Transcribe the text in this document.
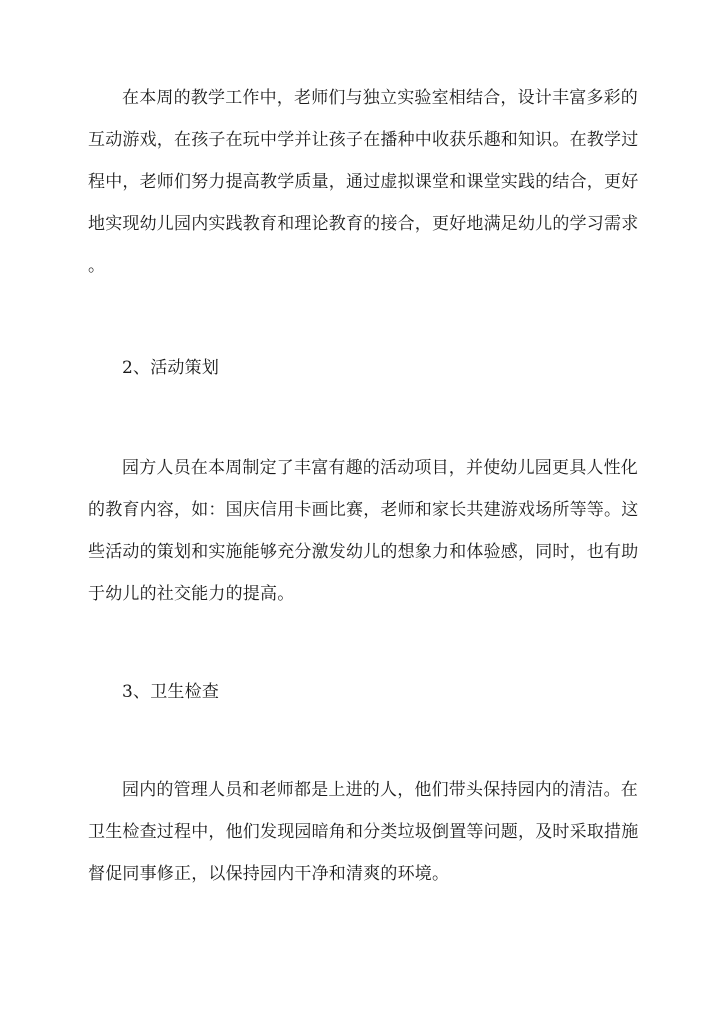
在本周的教学工作中，老师们与独立实验室相结合，设计丰富多彩的
互动游戏，在孩子在玩中学并让孩子在播种中收获乐趣和知识。在教学过
程中，老师们努力提高教学质量，通过虚拟课堂和课堂实践的结合，更好
地实现幼儿园内实践教育和理论教育的接合，更好地满足幼儿的学习需求
。
2、活动策划
园方人员在本周制定了丰富有趣的活动项目，并使幼儿园更具人性化
的教育内容，如：国庆信用卡画比赛，老师和家长共建游戏场所等等。这
些活动的策划和实施能够充分激发幼儿的想象力和体验感，同时，也有助
于幼儿的社交能力的提高。
3、卫生检查
园内的管理人员和老师都是上进的人，他们带头保持园内的清洁。在
卫生检查过程中，他们发现园暗角和分类垃圾倒置等问题，及时采取措施
督促同事修正，以保持园内干净和清爽的环境。
